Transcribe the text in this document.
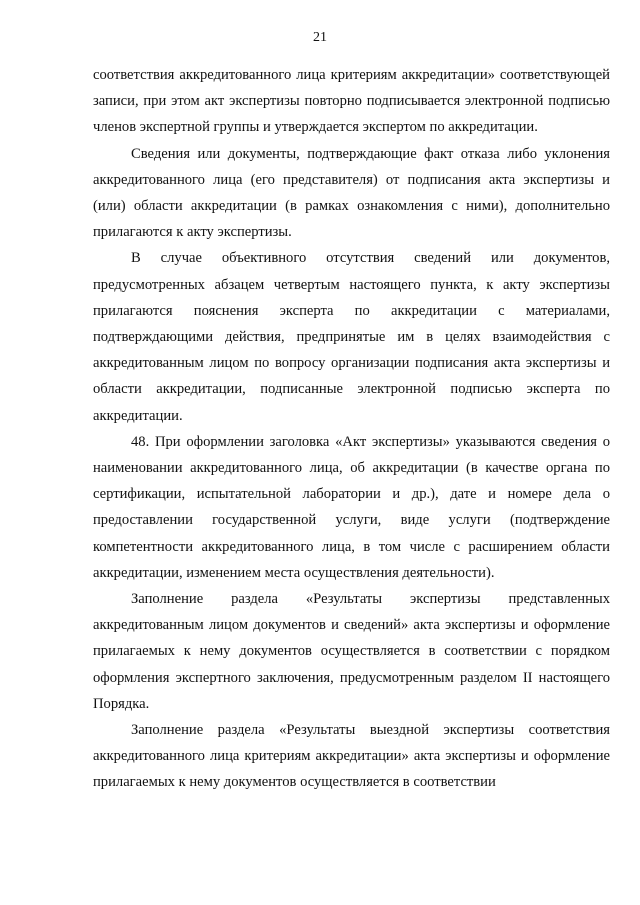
21

соответствия аккредитованного лица критериям аккредитации» соответствующей записи, при этом акт экспертизы повторно подписывается электронной подписью членов экспертной группы и утверждается экспертом по аккредитации.

Сведения или документы, подтверждающие факт отказа либо уклонения аккредитованного лица (его представителя) от подписания акта экспертизы и (или) области аккредитации (в рамках ознакомления с ними), дополнительно прилагаются к акту экспертизы.

В случае объективного отсутствия сведений или документов, предусмотренных абзацем четвертым настоящего пункта, к акту экспертизы прилагаются пояснения эксперта по аккредитации с материалами, подтверждающими действия, предпринятые им в целях взаимодействия с аккредитованным лицом по вопросу организации подписания акта экспертизы и области аккредитации, подписанные электронной подписью эксперта по аккредитации.

48. При оформлении заголовка «Акт экспертизы» указываются сведения о наименовании аккредитованного лица, об аккредитации (в качестве органа по сертификации, испытательной лаборатории и др.), дате и номере дела о предоставлении государственной услуги, виде услуги (подтверждение компетентности аккредитованного лица, в том числе с расширением области аккредитации, изменением места осуществления деятельности).

Заполнение раздела «Результаты экспертизы представленных аккредитованным лицом документов и сведений» акта экспертизы и оформление прилагаемых к нему документов осуществляется в соответствии с порядком оформления экспертного заключения, предусмотренным разделом II настоящего Порядка.

Заполнение раздела «Результаты выездной экспертизы соответствия аккредитованного лица критериям аккредитации» акта экспертизы и оформление прилагаемых к нему документов осуществляется в соответствии
